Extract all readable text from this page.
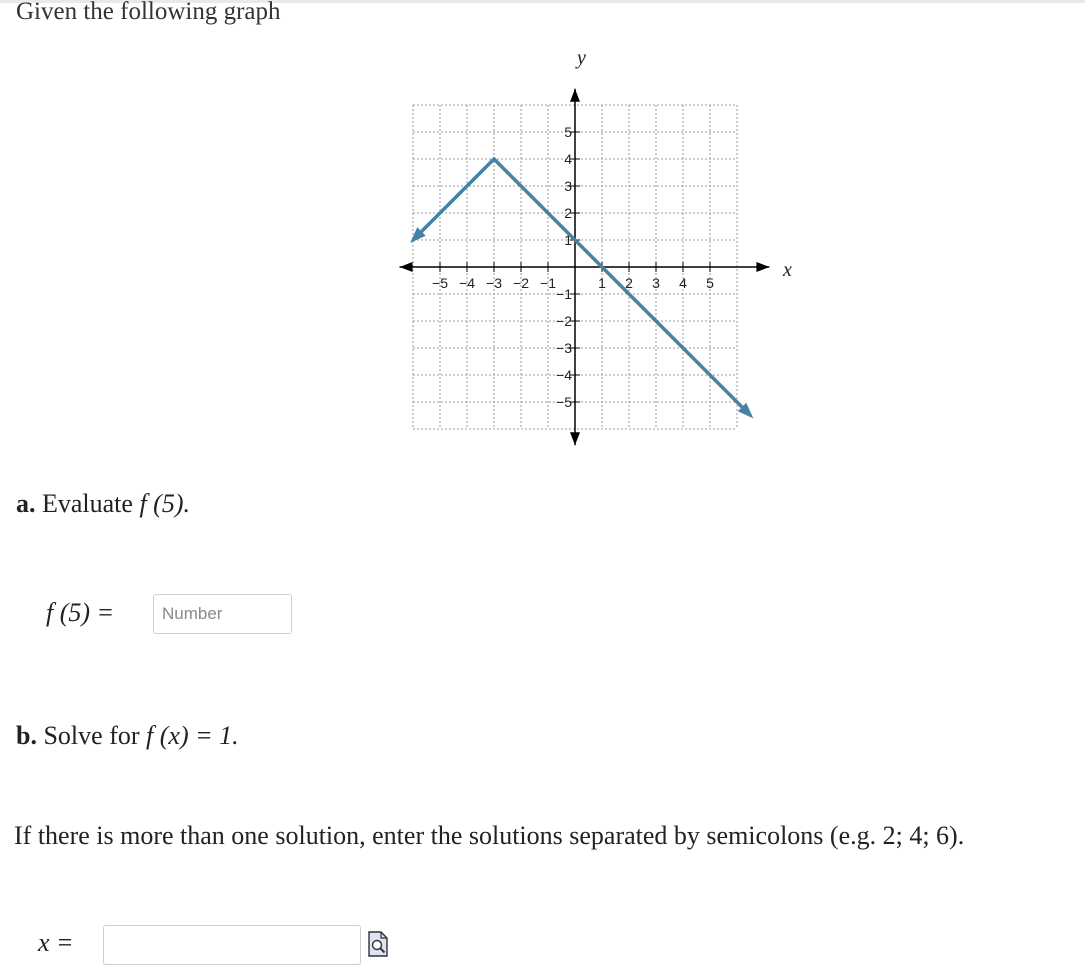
Given the following graph
−5 −4 −3 −2 −1	1 2 3 4 5
5
4
3
2
1
−1
−2
−3
−4
−5
x
y
a. Evaluate f (5).
f (5) =
Number
b. Solve for f (x) = 1.
If there is more than one solution, enter the solutions separated by semicolons (e.g. 2; 4; 6).
x =
